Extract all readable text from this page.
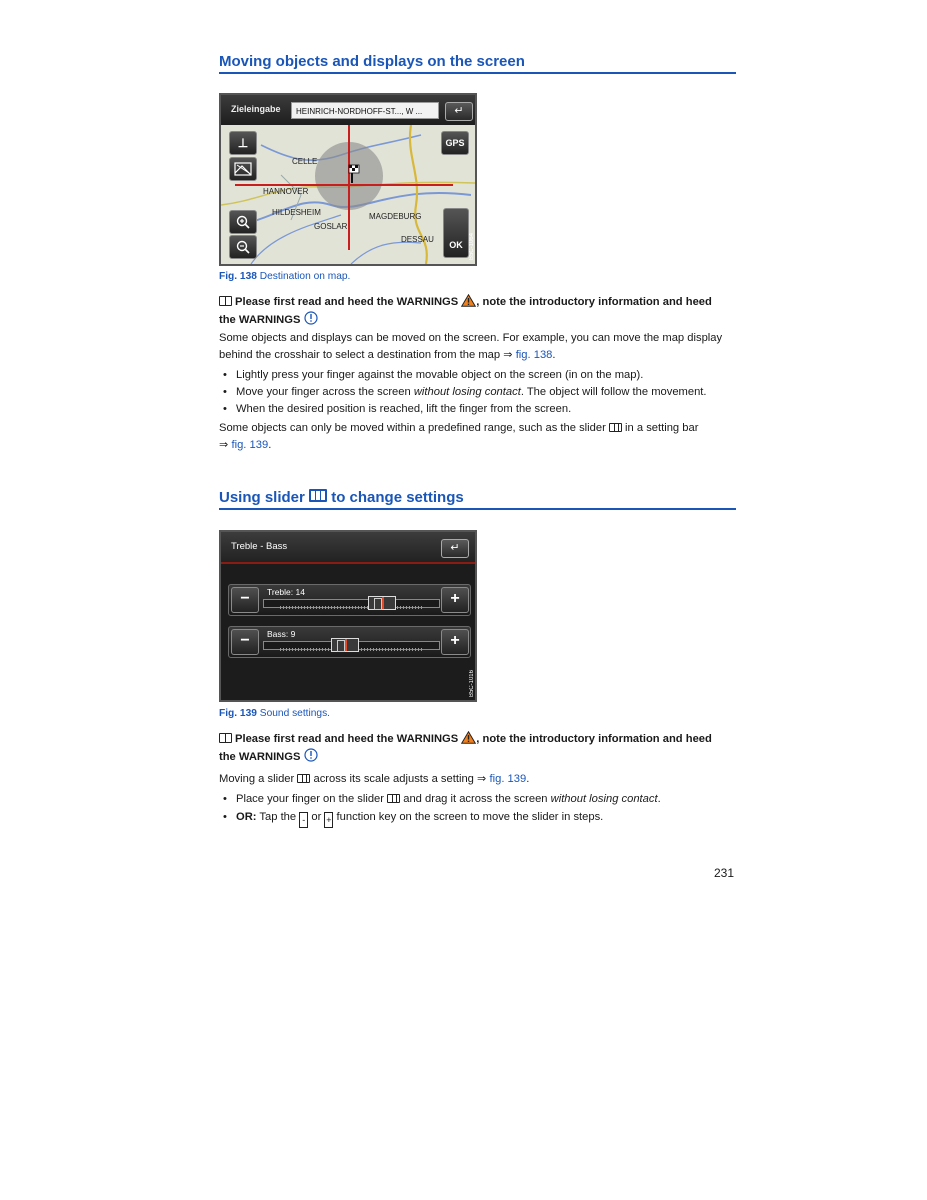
Moving objects and displays on the screen
Zieleingabe	HEINRICH-NORDHOFF-ST..., W ...	↵
CELLE
HANNOVER
HILDESHEIM
GOSLAR
MAGDEBURG
DESSAU
⊥	GPS
OK	B5C-1064
Fig. 138 Destination on map.
Please first read and heed the WARNINGS , note the introductory information and heed
the WARNINGS
Some objects and displays can be moved on the screen. For example, you can move the map display
behind the crosshair to select a destination from the map ⇒ fig. 138.
• Lightly press your finger against the movable object on the screen (in on the map).
• Move your finger across the screen without losing contact. The object will follow the movement.
• When the desired position is reached, lift the finger from the screen.
Some objects can only be moved within a predefined range, such as the slider in a setting bar
⇒ fig. 139.
Using slider to change settings
Treble - Bass	↵
−	Treble: 14	+
−	Bass: 9	+
B5C-1016
Fig. 139 Sound settings.
Please first read and heed the WARNINGS , note the introductory information and heed
the WARNINGS
Moving a slider across its scale adjusts a setting ⇒ fig. 139.
• Place your finger on the slider and drag it across the screen without losing contact.
• OR: Tap the - or + function key on the screen to move the slider in steps.
231
